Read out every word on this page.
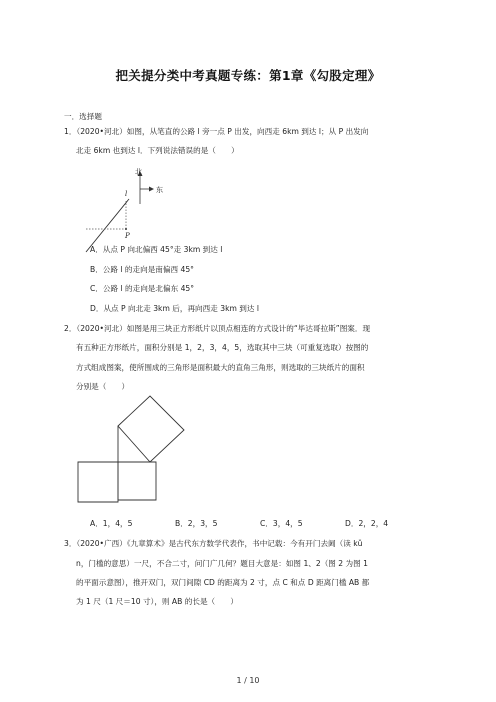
把关提分类中考真题专练：第1章《勾股定理》
一．选择题
1．（2020•河北）如图，从笔直的公路 l 旁一点 P 出发，向西走 6km 到达 l；从 P 出发向
北走 6km 也到达 l．下列说法错误的是（　　）
北
东
l
P
A．从点 P 向北偏西 45°走 3km 到达 l
B．公路 l 的走向是南偏西 45°
C．公路 l 的走向是北偏东 45°
D．从点 P 向北走 3km 后，再向西走 3km 到达 l
2．（2020•河北）如图是用三块正方形纸片以顶点相连的方式设计的“毕达哥拉斯”图案．现
有五种正方形纸片，面积分别是 1，2，3，4，5，选取其中三块（可重复选取）按图的
方式组成图案，使所围成的三角形是面积最大的直角三角形，则选取的三块纸片的面积
分别是（　　）
A．1，4，5	B．2，3，5	C．3，4，5	D．2，2，4
3．（2020•广西）《九章算术》是古代东方数学代表作，书中记载：今有开门去阃（读 kǔ
n，门槛的意思）一尺，不合二寸，问门广几何？题目大意是：如图 1、2（图 2 为图 1
的平面示意图），推开双门，双门间隙 CD 的距离为 2 寸，点 C 和点 D 距离门槛 AB 都
为 1 尺（1 尺＝10 寸），则 AB 的长是（　　）
1 / 10
